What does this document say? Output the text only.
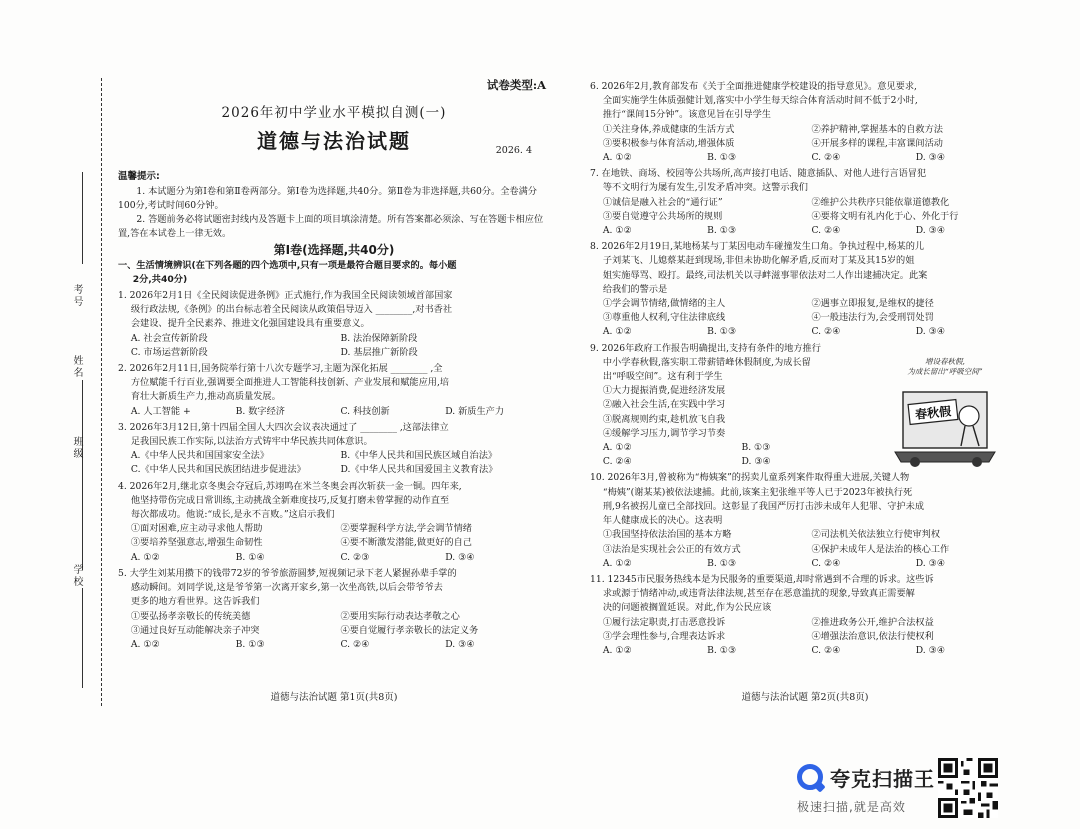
考号
姓名
班级
学校
试卷类型:A
2026年初中学业水平模拟自测(一)
道德与法治试题	2026. 4
温馨提示:
1. 本试题分为第Ⅰ卷和第Ⅱ卷两部分。第Ⅰ卷为选择题,共40分。第Ⅱ卷为非选择题,共60分。全卷满分100分,考试时间60分钟。
2. 答题前务必将试题密封线内及答题卡上面的项目填涂清楚。所有答案都必须涂、写在答题卡相应位置,答在本试卷上一律无效。
第Ⅰ卷(选择题,共40分)
一、生活情境辨识(在下列各题的四个选项中,只有一项是最符合题目要求的。每小题
2分,共40分)
1. 2026年2月1日《全民阅读促进条例》正式施行,作为我国全民阅读领域首部国家
级行政法规,《条例》的出台标志着全民阅读从政策倡导迈入 ________,对书香社
会建设、提升全民素养、推进文化强国建设具有重要意义。
A. 社会宣传新阶段	B. 法治保障新阶段
C. 市场运营新阶段	D. 基层推广新阶段
2. 2026年2月11日,国务院举行第十八次专题学习,主题为深化拓展 ________ ,全
方位赋能千行百业,强调要全面推进人工智能科技创新、产业发展和赋能应用,培
育壮大新质生产力,推动高质量发展。
A. 人工智能 +	B. 数字经济	C. 科技创新	D. 新质生产力
3. 2026年3月12日,第十四届全国人大四次会议表决通过了 ________ ,这部法律立
足我国民族工作实际,以法治方式铸牢中华民族共同体意识。
A.《中华人民共和国国家安全法》	B.《中华人民共和国民族区域自治法》
C.《中华人民共和国民族团结进步促进法》	D.《中华人民共和国爱国主义教育法》
4. 2026年2月,继北京冬奥会夺冠后,苏翊鸣在米兰冬奥会再次斩获一金一铜。四年来,
他坚持带伤完成日常训练,主动挑战全新难度技巧,反复打磨未曾掌握的动作直至
每次都成功。他说:“成长,是永不言败。”这启示我们
①面对困难,应主动寻求他人帮助	②要掌握科学方法,学会调节情绪
③要培养坚强意志,增强生命韧性	④要不断激发潜能,做更好的自己
A. ①②	B. ①④	C. ②③	D. ③④
5. 大学生刘某用攒下的钱带72岁的爷爷旅游圆梦,短视频记录下老人紧握孙辈手掌的
感动瞬间。刘同学说,这是爷爷第一次离开家乡,第一次坐高铁,以后会带爷爷去
更多的地方看世界。这告诉我们
①要弘扬孝亲敬长的传统美德	②要用实际行动表达孝敬之心
③通过良好互动能解决亲子冲突	④要自觉履行孝亲敬长的法定义务
A. ①②	B. ①③	C. ②④	D. ③④
6. 2026年2月,教育部发布《关于全面推进健康学校建设的指导意见》。意见要求,
全面实施学生体质强健计划,落实中小学生每天综合体育活动时间不低于2小时,
推行“课间15分钟”。该意见旨在引导学生
①关注身体,养成健康的生活方式	②养护精神,掌握基本的自救方法
③要积极参与体育活动,增强体质	④开展多样的课程,丰富课间活动
A. ①②	B. ①③	C. ②④	D. ③④
7. 在地铁、商场、校园等公共场所,高声接打电话、随意插队、对他人进行言语冒犯
等不文明行为屡有发生,引发矛盾冲突。这警示我们
①诚信是融入社会的“通行证”	②维护公共秩序只能依靠道德教化
③要自觉遵守公共场所的规则	④要将文明有礼内化于心、外化于行
A. ①②	B. ①③	C. ②④	D. ③④
8. 2026年2月19日,某地杨某与丁某因电动车碰撞发生口角。争执过程中,杨某的儿
子刘某飞、儿媳蔡某赶到现场,非但未协助化解矛盾,反而对丁某及其15岁的姐
姐实施辱骂、殴打。最终,司法机关以寻衅滋事罪依法对二人作出逮捕决定。此案
给我们的警示是
①学会调节情绪,做情绪的主人	②遇事立即报复,是维权的捷径
③尊重他人权利,守住法律底线	④一般违法行为,会受刑罚处罚
A. ①②	B. ①③	C. ②④	D. ③④
9. 2026年政府工作报告明确提出,支持有条件的地方推行
中小学春秋假,落实职工带薪错峰休假制度,为成长留
出“呼吸空间”。这有利于学生
①大力提振消费,促进经济发展
②融入社会生活,在实践中学习
③脱离规则约束,趁机放飞自我
④缓解学习压力,调节学习节奏
A. ①②	B. ①③
C. ②④	D. ③④
10. 2026年3月,曾被称为“梅姨案”的拐卖儿童系列案件取得重大进展,关键人物
“梅姨”(谢某某)被依法逮捕。此前,该案主犯张维平等人已于2023年被执行死
刑,9名被拐儿童已全部找回。这彰显了我国严厉打击涉未成年人犯罪、守护未成
年人健康成长的决心。这表明
①我国坚持依法治国的基本方略	②司法机关依法独立行使审判权
③法治是实现社会公正的有效方式	④保护未成年人是法治的核心工作
A. ①②	B. ①③	C. ②④	D. ③④
11. 12345市民服务热线本是为民服务的重要渠道,却时常遇到不合理的诉求。这些诉
求或源于情绪冲动,或违背法律法规,甚至存在恶意滥扰的现象,导致真正需要解
决的问题被搁置延误。对此,作为公民应该
①履行法定职责,打击恶意投诉	②推进政务公开,维护合法权益
③学会理性参与,合理表达诉求	④增强法治意识,依法行使权利
A. ①②	B. ①③	C. ②④	D. ③④
春秋假
增设春秋假,
为成长留出“呼吸空间”
道德与法治试题 第1页(共8页)	道德与法治试题 第2页(共8页)
夸克扫描王
极速扫描,就是高效
